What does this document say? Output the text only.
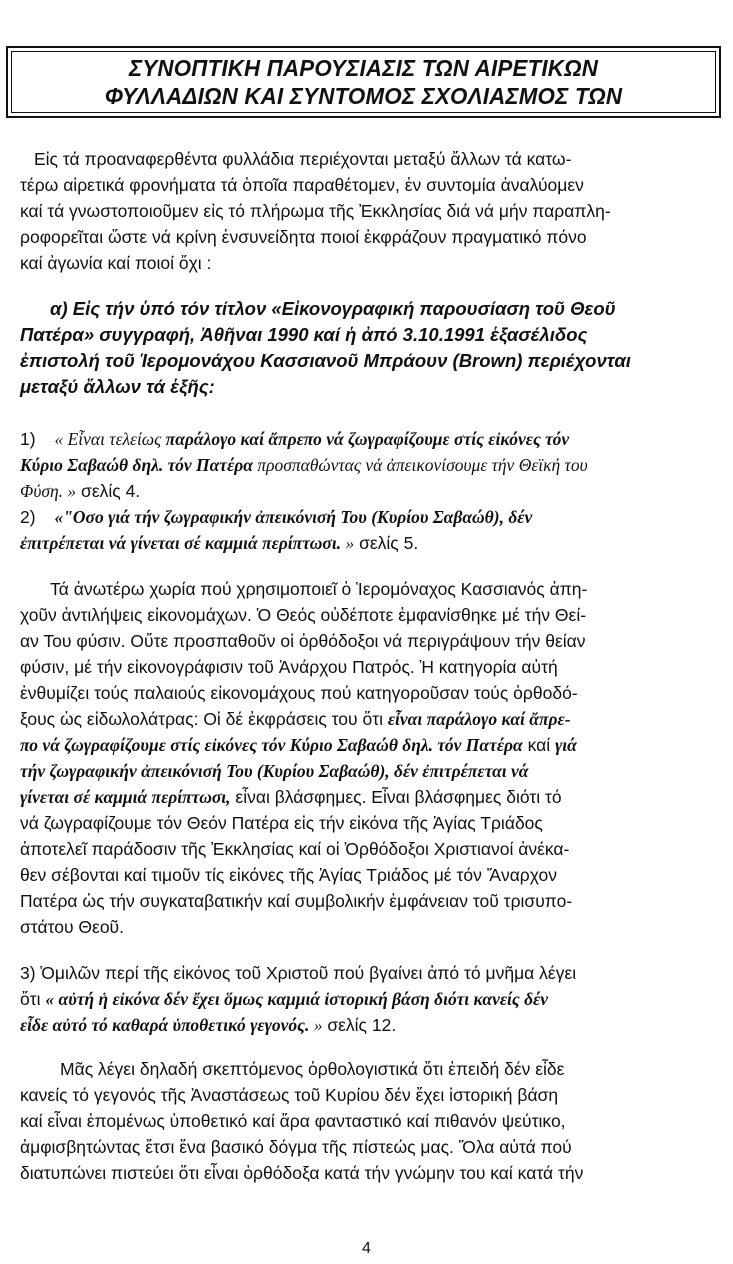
ΣΥΝΟΠΤΙΚΗ ΠΑΡΟΥΣΙΑΣΙΣ ΤΩΝ ΑΙΡΕΤΙΚΩΝ
ΦΥΛΛΑΔΙΩΝ ΚΑΙ ΣΥΝΤΟΜΟΣ ΣΧΟΛΙΑΣΜΟΣ ΤΩΝ
Εἰς τά προαναφερθέντα φυλλάδια περιέχονται μεταξύ ἄλλων τά κατω-
τέρω αἱρετικά φρονήματα τά ὁποῖα παραθέτομεν, ἐν συντομία ἀναλύομεν
καί τά γνωστοποιοῦμεν εἰς τό πλήρωμα τῆς Ἐκκλησίας διά νά μήν παραπλη-
ροφορεῖται ὥστε νά κρίνη ἐνσυνείδητα ποιοί ἐκφράζουν πραγματικό πόνο
καί ἀγωνία καί ποιοί ὄχι :
α) Εἰς τήν ὑπό τόν τίτλον «Εἰκονογραφική παρουσίαση τοῦ Θεοῦ
Πατέρα» συγγραφή, Ἀθῆναι 1990 καί ἡ ἀπό 3.10.1991 ἑξασέλιδος
ἐπιστολή τοῦ Ἱερομονάχου Κασσιανοῦ Μπράουν (Brown) περιέχονται
μεταξύ ἄλλων τά ἑξῆς:
1) « Εἶναι τελείως παράλογο καί ἄπρεπο νά ζωγραφίζουμε στίς εἰκόνες τόν
Κύριο Σαβαώθ δηλ. τόν Πατέρα προσπαθώντας νά ἀπεικονίσουμε τήν Θεϊκή του
Φύση. » σελίς 4.
2) «"Οσο γιά τήν ζωγραφικήν ἀπεικόνισή Του (Κυρίου Σαβαώθ), δέν
ἐπιτρέπεται νά γίνεται σέ καμμιά περίπτωσι. » σελίς 5.
Τά ἀνωτέρω χωρία πού χρησιμοποιεῖ ὁ Ἱερομόναχος Κασσιανός ἀπη-
χοῦν ἀντιλήψεις εἰκονομάχων. Ὁ Θεός οὐδέποτε ἐμφανίσθηκε μέ τήν Θεί-
αν Του φύσιν. Οὔτε προσπαθοῦν οἱ ὀρθόδοξοι νά περιγράψουν τήν θείαν
φύσιν, μέ τήν εἰκονογράφισιν τοῦ Ἀνάρχου Πατρός. Ἡ κατηγορία αὐτή
ἐνθυμίζει τούς παλαιούς εἰκονομάχους πού κατηγοροῦσαν τούς ὀρθοδό-
ξους ὡς εἰδωλολάτρας: Οἱ δέ ἐκφράσεις του ὅτι εἶναι παράλογο καί ἄπρε-
πο νά ζωγραφίζουμε στίς εἰκόνες τόν Κύριο Σαβαώθ δηλ. τόν Πατέρα καί γιά
τήν ζωγραφικήν ἀπεικόνισή Του (Κυρίου Σαβαώθ), δέν ἐπιτρέπεται νά
γίνεται σέ καμμιά περίπτωσι, εἶναι βλάσφημες. Εἶναι βλάσφημες διότι τό
νά ζωγραφίζουμε τόν Θεόν Πατέρα εἰς τήν εἰκόνα τῆς Ἁγίας Τριάδος
ἀποτελεῖ παράδοσιν τῆς Ἐκκλησίας καί οἱ Ὀρθόδοξοι Χριστιανοί ἀνέκα-
θεν σέβονται καί τιμοῦν τίς εἰκόνες τῆς Ἁγίας Τριάδος μέ τόν Ἄναρχον
Πατέρα ὡς τήν συγκαταβατικήν καί συμβολικήν ἐμφάνειαν τοῦ τρισυπο-
στάτου Θεοῦ.
3) Ὁμιλῶν περί τῆς εἰκόνος τοῦ Χριστοῦ πού βγαίνει ἀπό τό μνῆμα λέγει
ὅτι « αὐτή ἡ εἰκόνα δέν ἔχει ὅμως καμμιά ἱστορική βάση διότι κανείς δέν
εἶδε αὐτό τό καθαρά ὑποθετικό γεγονός. » σελίς 12.
Μᾶς λέγει δηλαδή σκεπτόμενος ὀρθολογιστικά ὅτι ἐπειδή δέν εἶδε
κανείς τό γεγονός τῆς Ἀναστάσεως τοῦ Κυρίου δέν ἔχει ἱστορική βάση
καί εἶναι ἑπομένως ὑποθετικό καί ἄρα φανταστικό καί πιθανόν ψεύτικο,
ἀμφισβητώντας ἔτσι ἕνα βασικό δόγμα τῆς πίστεώς μας. Ὅλα αὐτά πού
διατυπώνει πιστεύει ὅτι εἶναι ὀρθόδοξα κατά τήν γνώμην του καί κατά τήν
4
